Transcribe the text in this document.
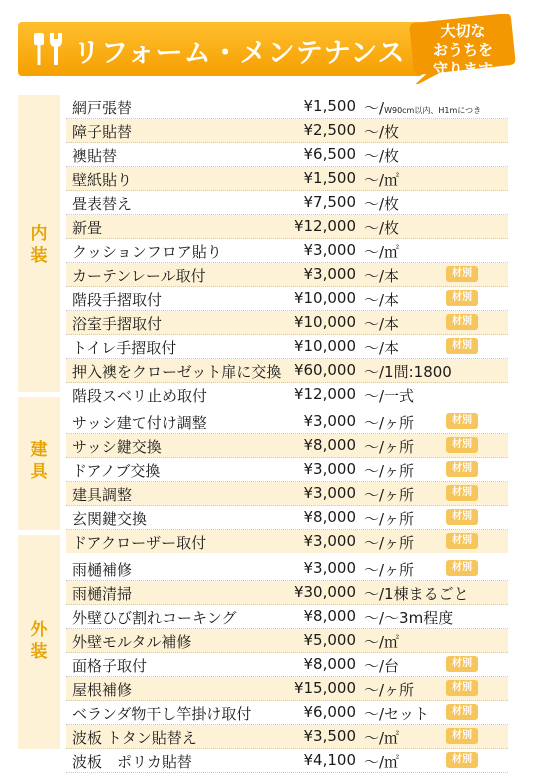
リフォーム・メンテナンス
大切な
おうちを
守ります
内
装
建
具
外
装
網戸張替	¥1,500 ～/W90cm以内、H1mにつき
障子貼替	¥2,500 ～/枚
襖貼替	¥6,500 ～/枚
壁紙貼り	¥1,500 ～/㎡
畳表替え	¥7,500 ～/枚
新畳	¥12,000 ～/枚
クッションフロア貼り	¥3,000 ～/㎡
カーテンレール取付	¥3,000 ～/本	材別
階段手摺取付	¥10,000 ～/本	材別
浴室手摺取付	¥10,000 ～/本	材別
トイレ手摺取付	¥10,000 ～/本	材別
押入襖をクローゼット扉に交換 ¥60,000 ～/1間:1800
階段スベリ止め取付	¥12,000 ～/一式
サッシ建て付け調整	¥3,000 ～/ヶ所	材別
サッシ鍵交換	¥8,000 ～/ヶ所	材別
ドアノブ交換	¥3,000 ～/ヶ所	材別
建具調整	¥3,000 ～/ヶ所	材別
玄関鍵交換	¥8,000 ～/ヶ所	材別
ドアクローザー取付	¥3,000 ～/ヶ所	材別
雨樋補修	¥3,000 ～/ヶ所	材別
雨樋清掃	¥30,000 ～/1棟まるごと
外壁ひび割れコーキング	¥8,000 ～/～3m程度
外壁モルタル補修	¥5,000 ～/㎡
面格子取付	¥8,000 ～/台	材別
屋根補修	¥15,000 ～/ヶ所	材別
ベランダ物干し竿掛け取付	¥6,000 ～/セット	材別
波板 トタン貼替え	¥3,500 ～/㎡	材別
波板　ポリカ貼替	¥4,100 ～/㎡	材別
